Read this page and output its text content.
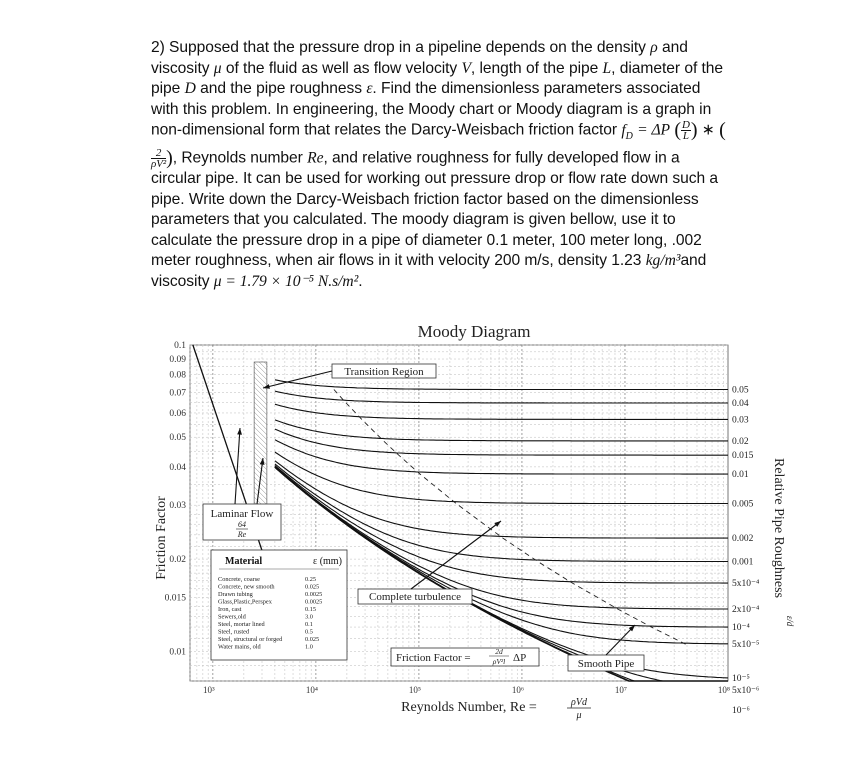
2) Supposed that the pressure drop in a pipeline depends on the density ρ and viscosity μ of the fluid as well as flow velocity V, length of the pipe L, diameter of the pipe D and the pipe roughness ε. Find the dimensionless parameters associated with this problem. In engineering, the Moody chart or Moody diagram is a graph in non-dimensional form that relates the Darcy-Weisbach friction factor $f_D = \Delta P$ ( $\frac{D}{L}$ ) ∗ (
$\frac{2}{\text{ρV²}}$ ), Reynolds number Re, and relative roughness for fully developed flow in a circular pipe. It can be used for working out pressure drop or flow rate down such a pipe. Write down the Darcy-Weisbach friction factor based on the dimensionless parameters that you calculated. The moody diagram is given bellow, use it to calculate the pressure drop in a pipe of diameter 0.1 meter, 100 meter long, .002 meter roughness, when air flows in it with velocity 200 m/s, density 1.23 kg/m³and viscosity μ = 1.79 × 10⁻⁵ N.s/m².

0.1
0.09
0.08
0.07
0.06
0.05
0.04
0.03
0.02
0.015
0.01
10³	10⁴	10⁵	10⁶	10⁷	10⁸
0.05
0.04
0.03
0.02
0.015
0.01
0.005
0.002
0.001
5x10⁻⁴
2x10⁻⁴
10⁻⁴
5x10⁻⁵
10⁻⁵
5x10⁻⁶
10⁻⁶
Moody Diagram
Reynolds Number, Re =	ρVd
μ
Friction Factor	Relative Pipe Roughness
ε/d
Transition Region
Laminar Flow
64
Re
Material	ε (mm)
Concrete, coarse	0.25
Concrete, new smooth	0.025
Drawn tubing	0.0025
Glass,Plastic,Perspex	0.0025
Iron, cast	0.15
Sewers,old	3.0
Steel, mortar lined	0.1
Steel, rusted	0.5
Steel, structural or forged	0.025
Water mains, old	1.0
Complete turbulence
Friction Factor =
2d
ρV²l ΔP	Smooth Pipe
